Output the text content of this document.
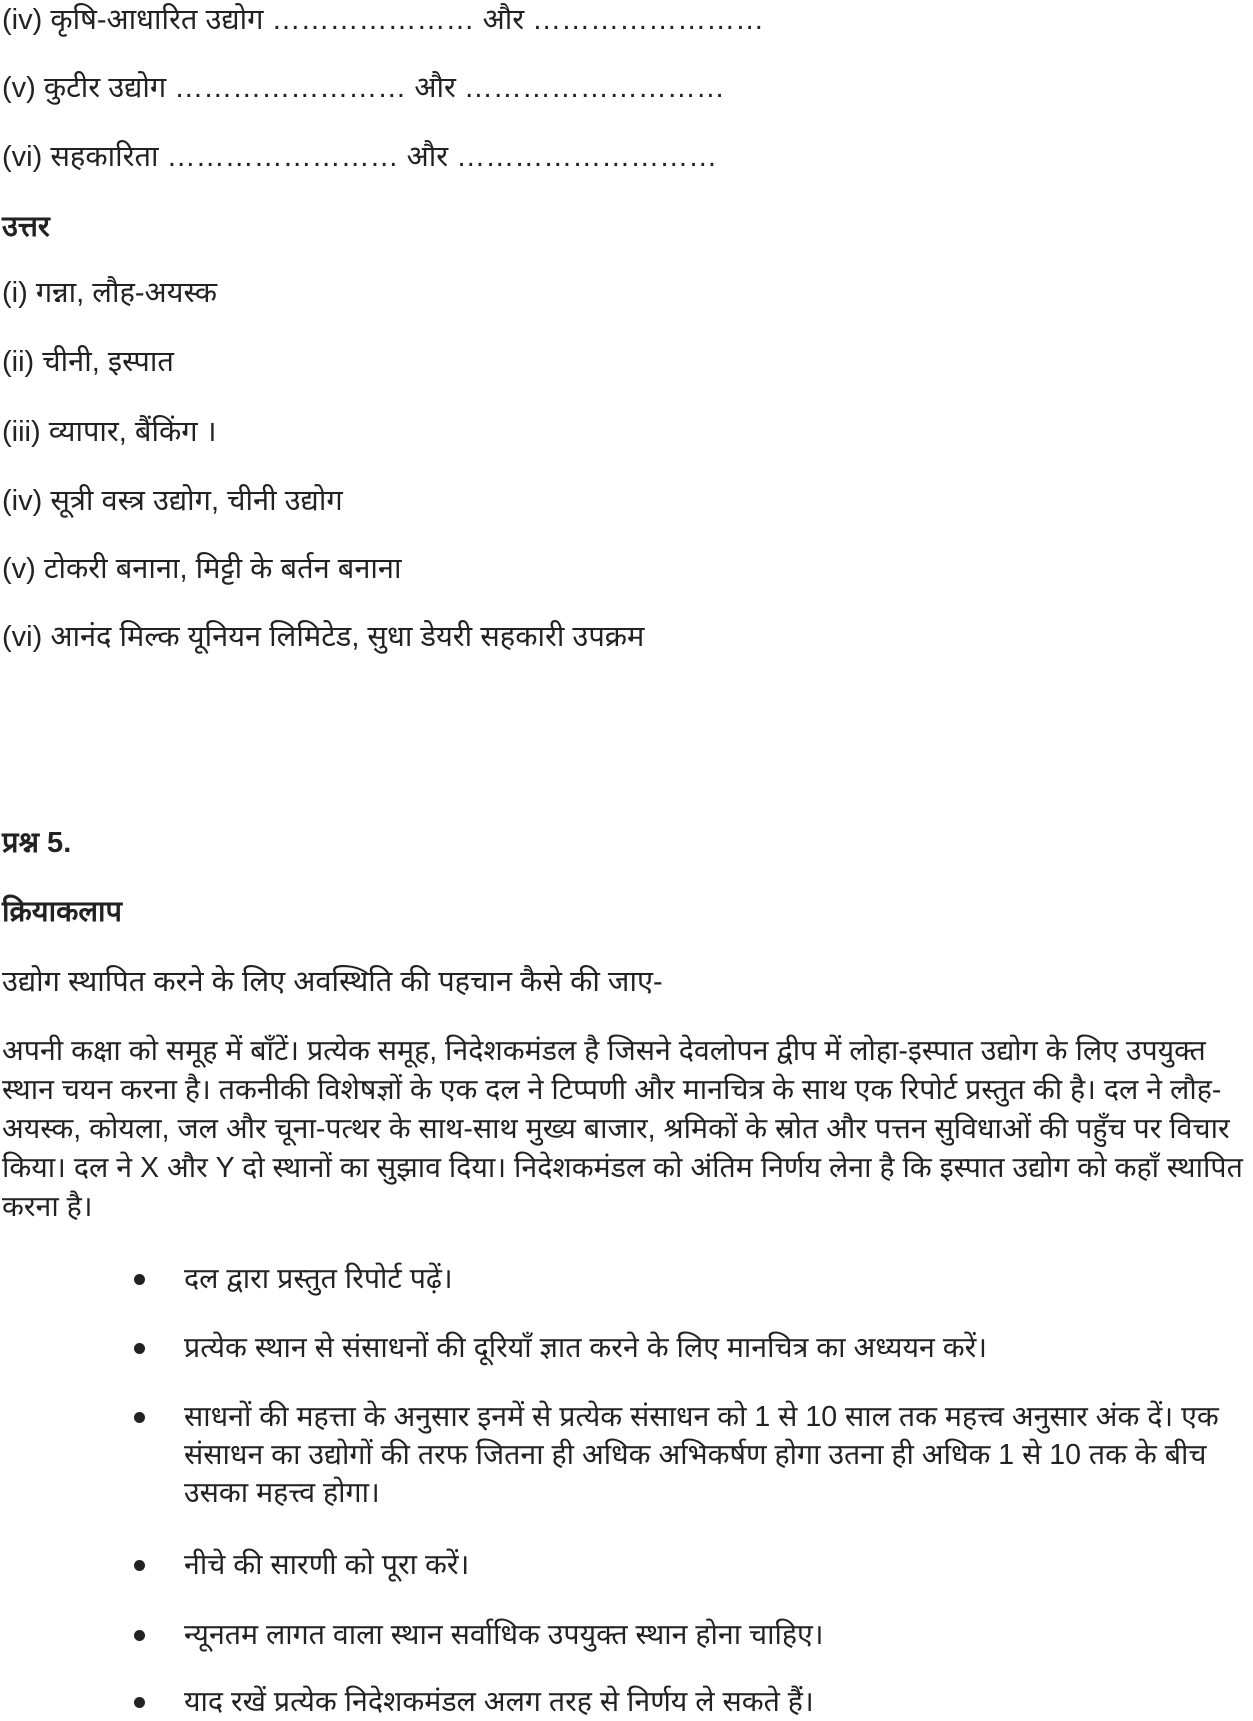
(iv) कृषि-आधारित उद्योग ………………… और ……………………
(v) कुटीर उद्योग …………………… और ………………………
(vi) सहकारिता …………………… और ………………………
उत्तर
(i) गन्ना, लौह-अयस्क
(ii) चीनी, इस्पात
(iii) व्यापार, बैंकिंग ।
(iv) सूत्री वस्त्र उद्योग, चीनी उद्योग
(v) टोकरी बनाना, मिट्टी के बर्तन बनाना
(vi) आनंद मिल्क यूनियन लिमिटेड, सुधा डेयरी सहकारी उपक्रम
प्रश्न 5.
क्रियाकलाप
उद्योग स्थापित करने के लिए अवस्थिति की पहचान कैसे की जाए-
अपनी कक्षा को समूह में बाँटें। प्रत्येक समूह, निदेशकमंडल है जिसने देवलोपन द्वीप में लोहा-इस्पात उद्योग के लिए उपयुक्त स्थान चयन करना है। तकनीकी विशेषज्ञों के एक दल ने टिप्पणी और मानचित्र के साथ एक रिपोर्ट प्रस्तुत की है। दल ने लौह-अयस्क, कोयला, जल और चूना-पत्थर के साथ-साथ मुख्य बाजार, श्रमिकों के स्रोत और पत्तन सुविधाओं की पहुँच पर विचार किया। दल ने X और Y दो स्थानों का सुझाव दिया। निदेशकमंडल को अंतिम निर्णय लेना है कि इस्पात उद्योग को कहाँ स्थापित करना है।
दल द्वारा प्रस्तुत रिपोर्ट पढ़ें।
प्रत्येक स्थान से संसाधनों की दूरियाँ ज्ञात करने के लिए मानचित्र का अध्ययन करें।
साधनों की महत्ता के अनुसार इनमें से प्रत्येक संसाधन को 1 से 10 साल तक महत्त्व अनुसार अंक दें। एक संसाधन का उद्योगों की तरफ जितना ही अधिक अभिकर्षण होगा उतना ही अधिक 1 से 10 तक के बीच उसका महत्त्व होगा।
नीचे की सारणी को पूरा करें।
न्यूनतम लागत वाला स्थान सर्वाधिक उपयुक्त स्थान होना चाहिए।
याद रखें प्रत्येक निदेशकमंडल अलग तरह से निर्णय ले सकते हैं।
